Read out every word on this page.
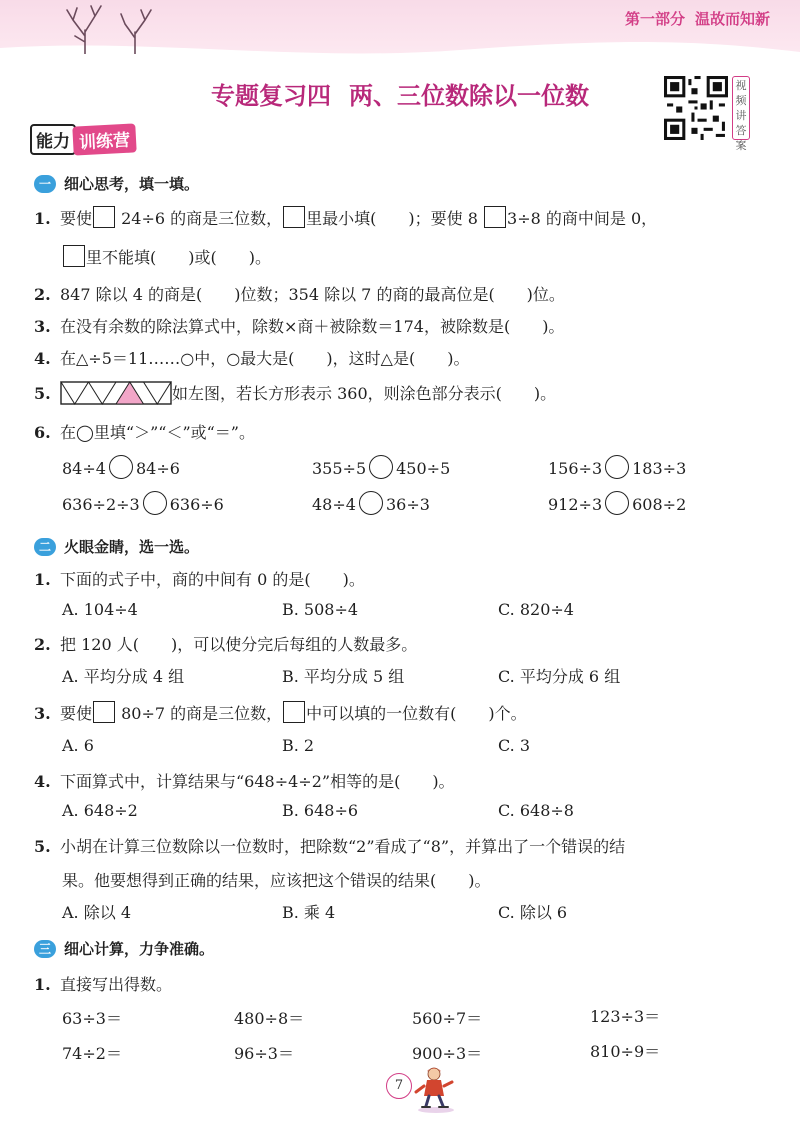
第一部分 温故而知新
专题复习四 两、三位数除以一位数	视频讲答案
能力 训练营
一 细心思考，填一填。
1. 要使 24÷6 的商是三位数， 里最小填(　　)；要使 8 3÷8 的商中间是 0，
里不能填(　　)或(　　)。
2. 847 除以 4 的商是(　　)位数；354 除以 7 的商的最高位是(　　)位。
3. 在没有余数的除法算式中，除数×商＋被除数＝174，被除数是(　　)。
4. 在△÷5＝11……○中，○最大是(　　)，这时△是(　　)。
5.	如左图，若长方形表示 360，则涂色部分表示(　　)。
6. 在◯里填“＞”“＜”或“＝”。
84÷4 84÷6	355÷5 450÷5	156÷3 183÷3
636÷2÷3 636÷6	48÷4 36÷3	912÷3 608÷2
二 火眼金睛，选一选。
1. 下面的式子中，商的中间有 0 的是(　　)。
A. 104÷4	B. 508÷4	C. 820÷4
2. 把 120 人(　　)，可以使分完后每组的人数最多。
A. 平均分成 4 组	B. 平均分成 5 组	C. 平均分成 6 组
3. 要使 80÷7 的商是三位数， 中可以填的一位数有(　　)个。
A. 6	B. 2	C. 3
4. 下面算式中，计算结果与“648÷4÷2”相等的是(　　)。
A. 648÷2	B. 648÷6	C. 648÷8
5. 小胡在计算三位数除以一位数时，把除数“2”看成了“8”，并算出了一个错误的结
果。他要想得到正确的结果，应该把这个错误的结果(　　)。
A. 除以 4	B. 乘 4	C. 除以 6
三 细心计算，力争准确。
1. 直接写出得数。
63÷3＝	480÷8＝	560÷7＝	123÷3＝
74÷2＝	96÷3＝	900÷3＝	810÷9＝
7
